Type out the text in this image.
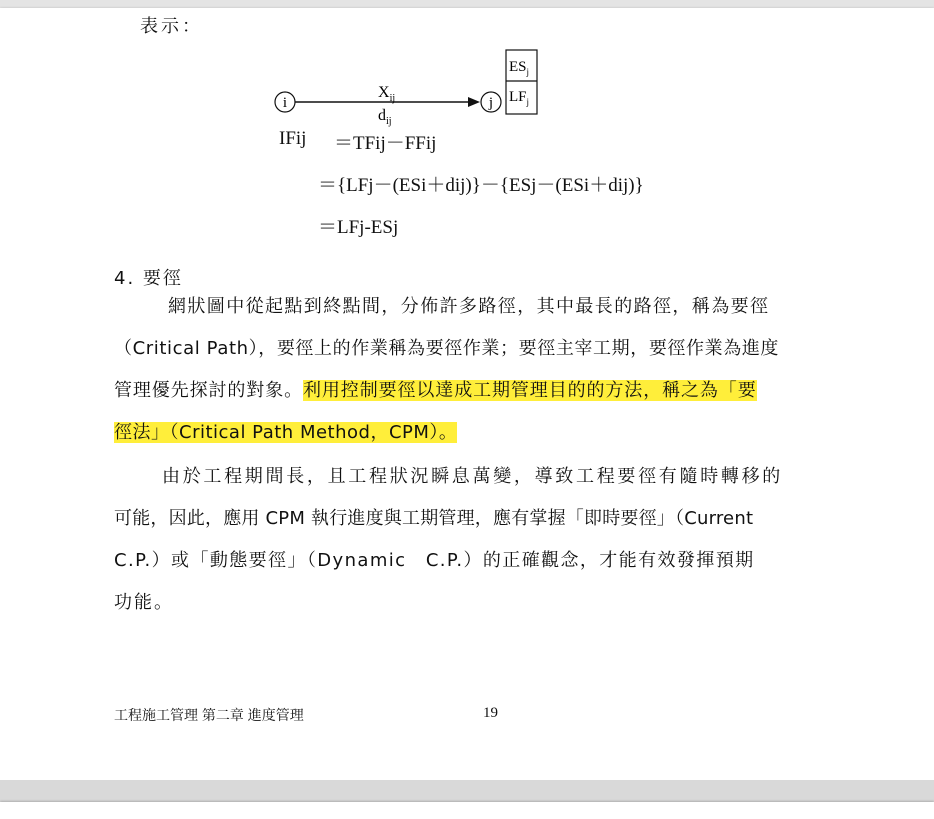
表示：
i	j
$X_{ij}$
$d_{ij}$
$ES_j$
$LF_j$
IFij ＝TFij－FFij
＝{LFj－(ESi＋dij)}－{ESj－(ESi＋dij)}
＝LFj-ESj
4. 要徑
網狀圖中從起點到終點間，分佈許多路徑，其中最長的路徑，稱為要徑
（Critical Path），要徑上的作業稱為要徑作業；要徑主宰工期，要徑作業為進度
管理優先探討的對象。利用控制要徑以達成工期管理目的的方法，稱之為「要
徑法」（Critical Path Method，CPM）。
由於工程期間長，且工程狀況瞬息萬變，導致工程要徑有隨時轉移的
可能，因此，應用 CPM 執行進度與工期管理，應有掌握「即時要徑」（Current
C.P.）或「動態要徑」（Dynamic　C.P.）的正確觀念，才能有效發揮預期
功能。
工程施工管理 第二章 進度管理	19
